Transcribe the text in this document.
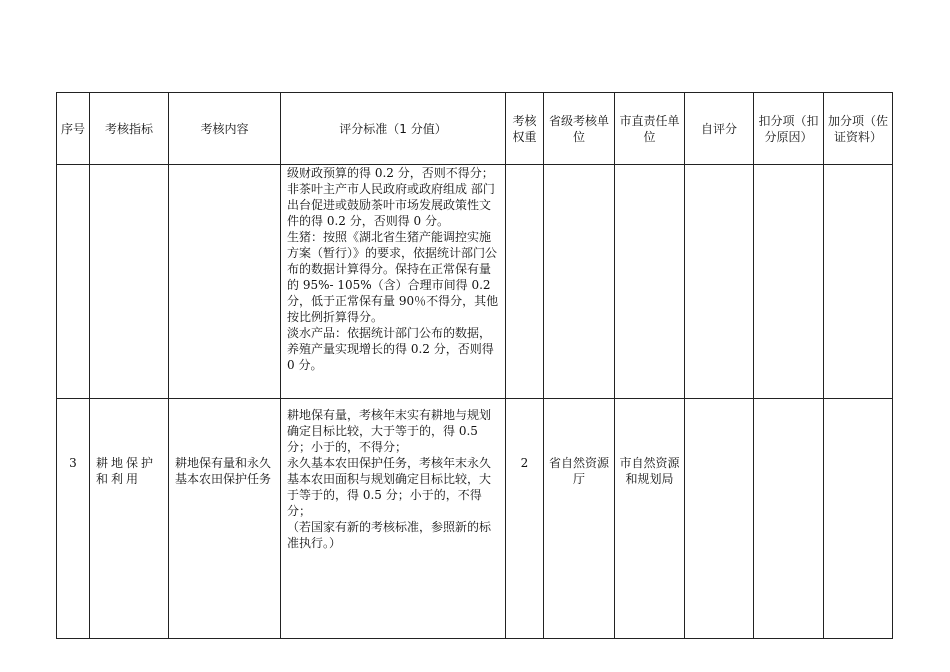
序号	考核指标	考核内容	评分标准（1 分值）	考核权重	省级考核单位	市直责任单位	自评分	扣分项（扣分原因）	加分项（佐证资料）

			级财政预算的得 0.2 分，否则不得分； 非茶叶主产市人民政府或政府组成 部门出台促进或鼓励茶叶市场发展政策性文件的得 0.2 分，否则得 0 分。

生猪：按照《湖北省生猪产能调控实施方案（暂行）》的要求，依据统计部门公布的数据计算得分。保持在正常保有量的 95%- 105%（含）合理市间得 0.2 分，低于正常保有量 90％不得分，其他按比例折算得分。

淡水产品：依据统计部门公布的数据，养殖产量实现增长的得 0.2 分，否则得 0 分。						

3	耕地保护和利用	耕地保有量和永久基本农田保护任务	耕地保有量，考核年末实有耕地与规划确定目标比较，大于等于的，得 0.5 分；小于的，不得分；

永久基本农田保护任务，考核年末永久基本农田面积与规划确定目标比较，大于等于的，得 0.5 分；小于的，不得分；

（若国家有新的考核标准，参照新的标准执行。）	2	省自然资源厅	市自然资源和规划局			
